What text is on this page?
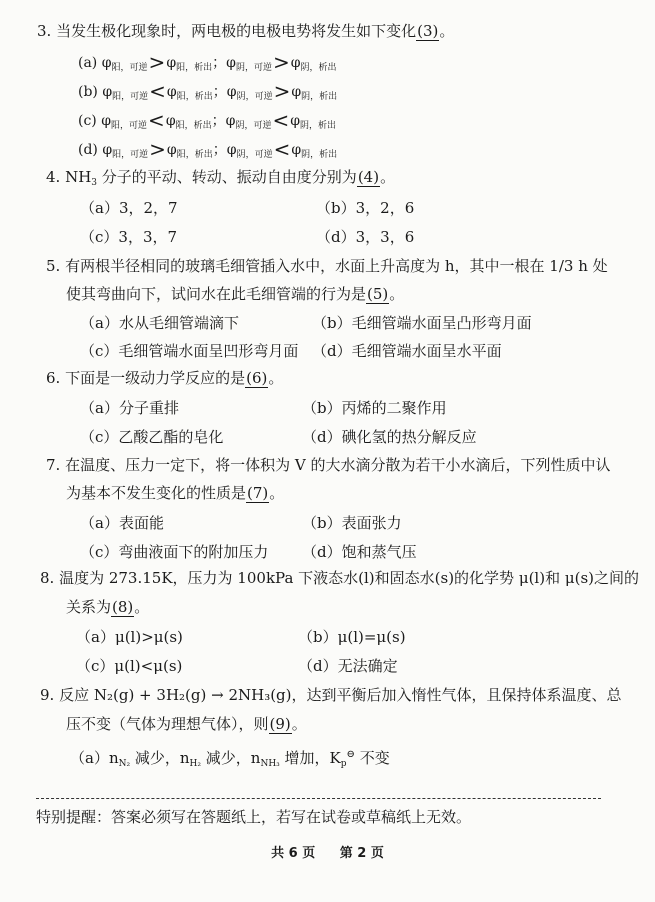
3. 当发生极化现象时，两电极的电极电势将发生如下变化(3)。
(a) $\varphi_{阳,可逆}>\varphi_{阳,析出}$；$\varphi_{阴,可逆}>\varphi_{阴,析出}$
(b) $\varphi_{阳,可逆}<\varphi_{阳,析出}$；$\varphi_{阴,可逆}>\varphi_{阴,析出}$
(c) $\varphi_{阳,可逆}<\varphi_{阳,析出}$；$\varphi_{阴,可逆}<\varphi_{阴,析出}$
(d) $\varphi_{阳,可逆}>\varphi_{阳,析出}$；$\varphi_{阴,可逆}<\varphi_{阴,析出}$
4. $NH_3$ 分子的平动、转动、振动自由度分别为(4)。
（a）3，2，7	（b）3，2，6
（c）3，3，7	（d）3，3，6
5. 有两根半径相同的玻璃毛细管插入水中，水面上升高度为 h，其中一根在 1/3 h 处
使其弯曲向下，试问水在此毛细管端的行为是(5)。
（a）水从毛细管端滴下	（b）毛细管端水面呈凸形弯月面
（c）毛细管端水面呈凹形弯月面 （d）毛细管端水面呈水平面
6. 下面是一级动力学反应的是(6)。
（a）分子重排	（b）丙烯的二聚作用
（c）乙酸乙酯的皂化	（d）碘化氢的热分解反应
7. 在温度、压力一定下，将一体积为 V 的大水滴分散为若干小水滴后，下列性质中认
为基本不发生变化的性质是(7)。
（a）表面能	（b）表面张力
（c）弯曲液面下的附加压力 （d）饱和蒸气压
8. 温度为 273.15K，压力为 100kPa 下液态水(l)和固态水(s)的化学势 μ(l)和 μ(s)之间的
关系为(8)。
（a）μ(l)>μ(s)	（b）μ(l)=μ(s)
（c）μ(l)<μ(s)	（d）无法确定
9. 反应 N₂(g) + 3H₂(g) → 2NH₃(g)，达到平衡后加入惰性气体，且保持体系温度、总
压不变（气体为理想气体），则(9)。
$(a)n_{N_2}$ 减少，$n_{H_2}$ 减少，$n_{NH_3}$ 增加，$K_p^⊖$ 不变
特别提醒：答案必须写在答题纸上，若写在试卷或草稿纸上无效。
共 6 页 第 2 页
